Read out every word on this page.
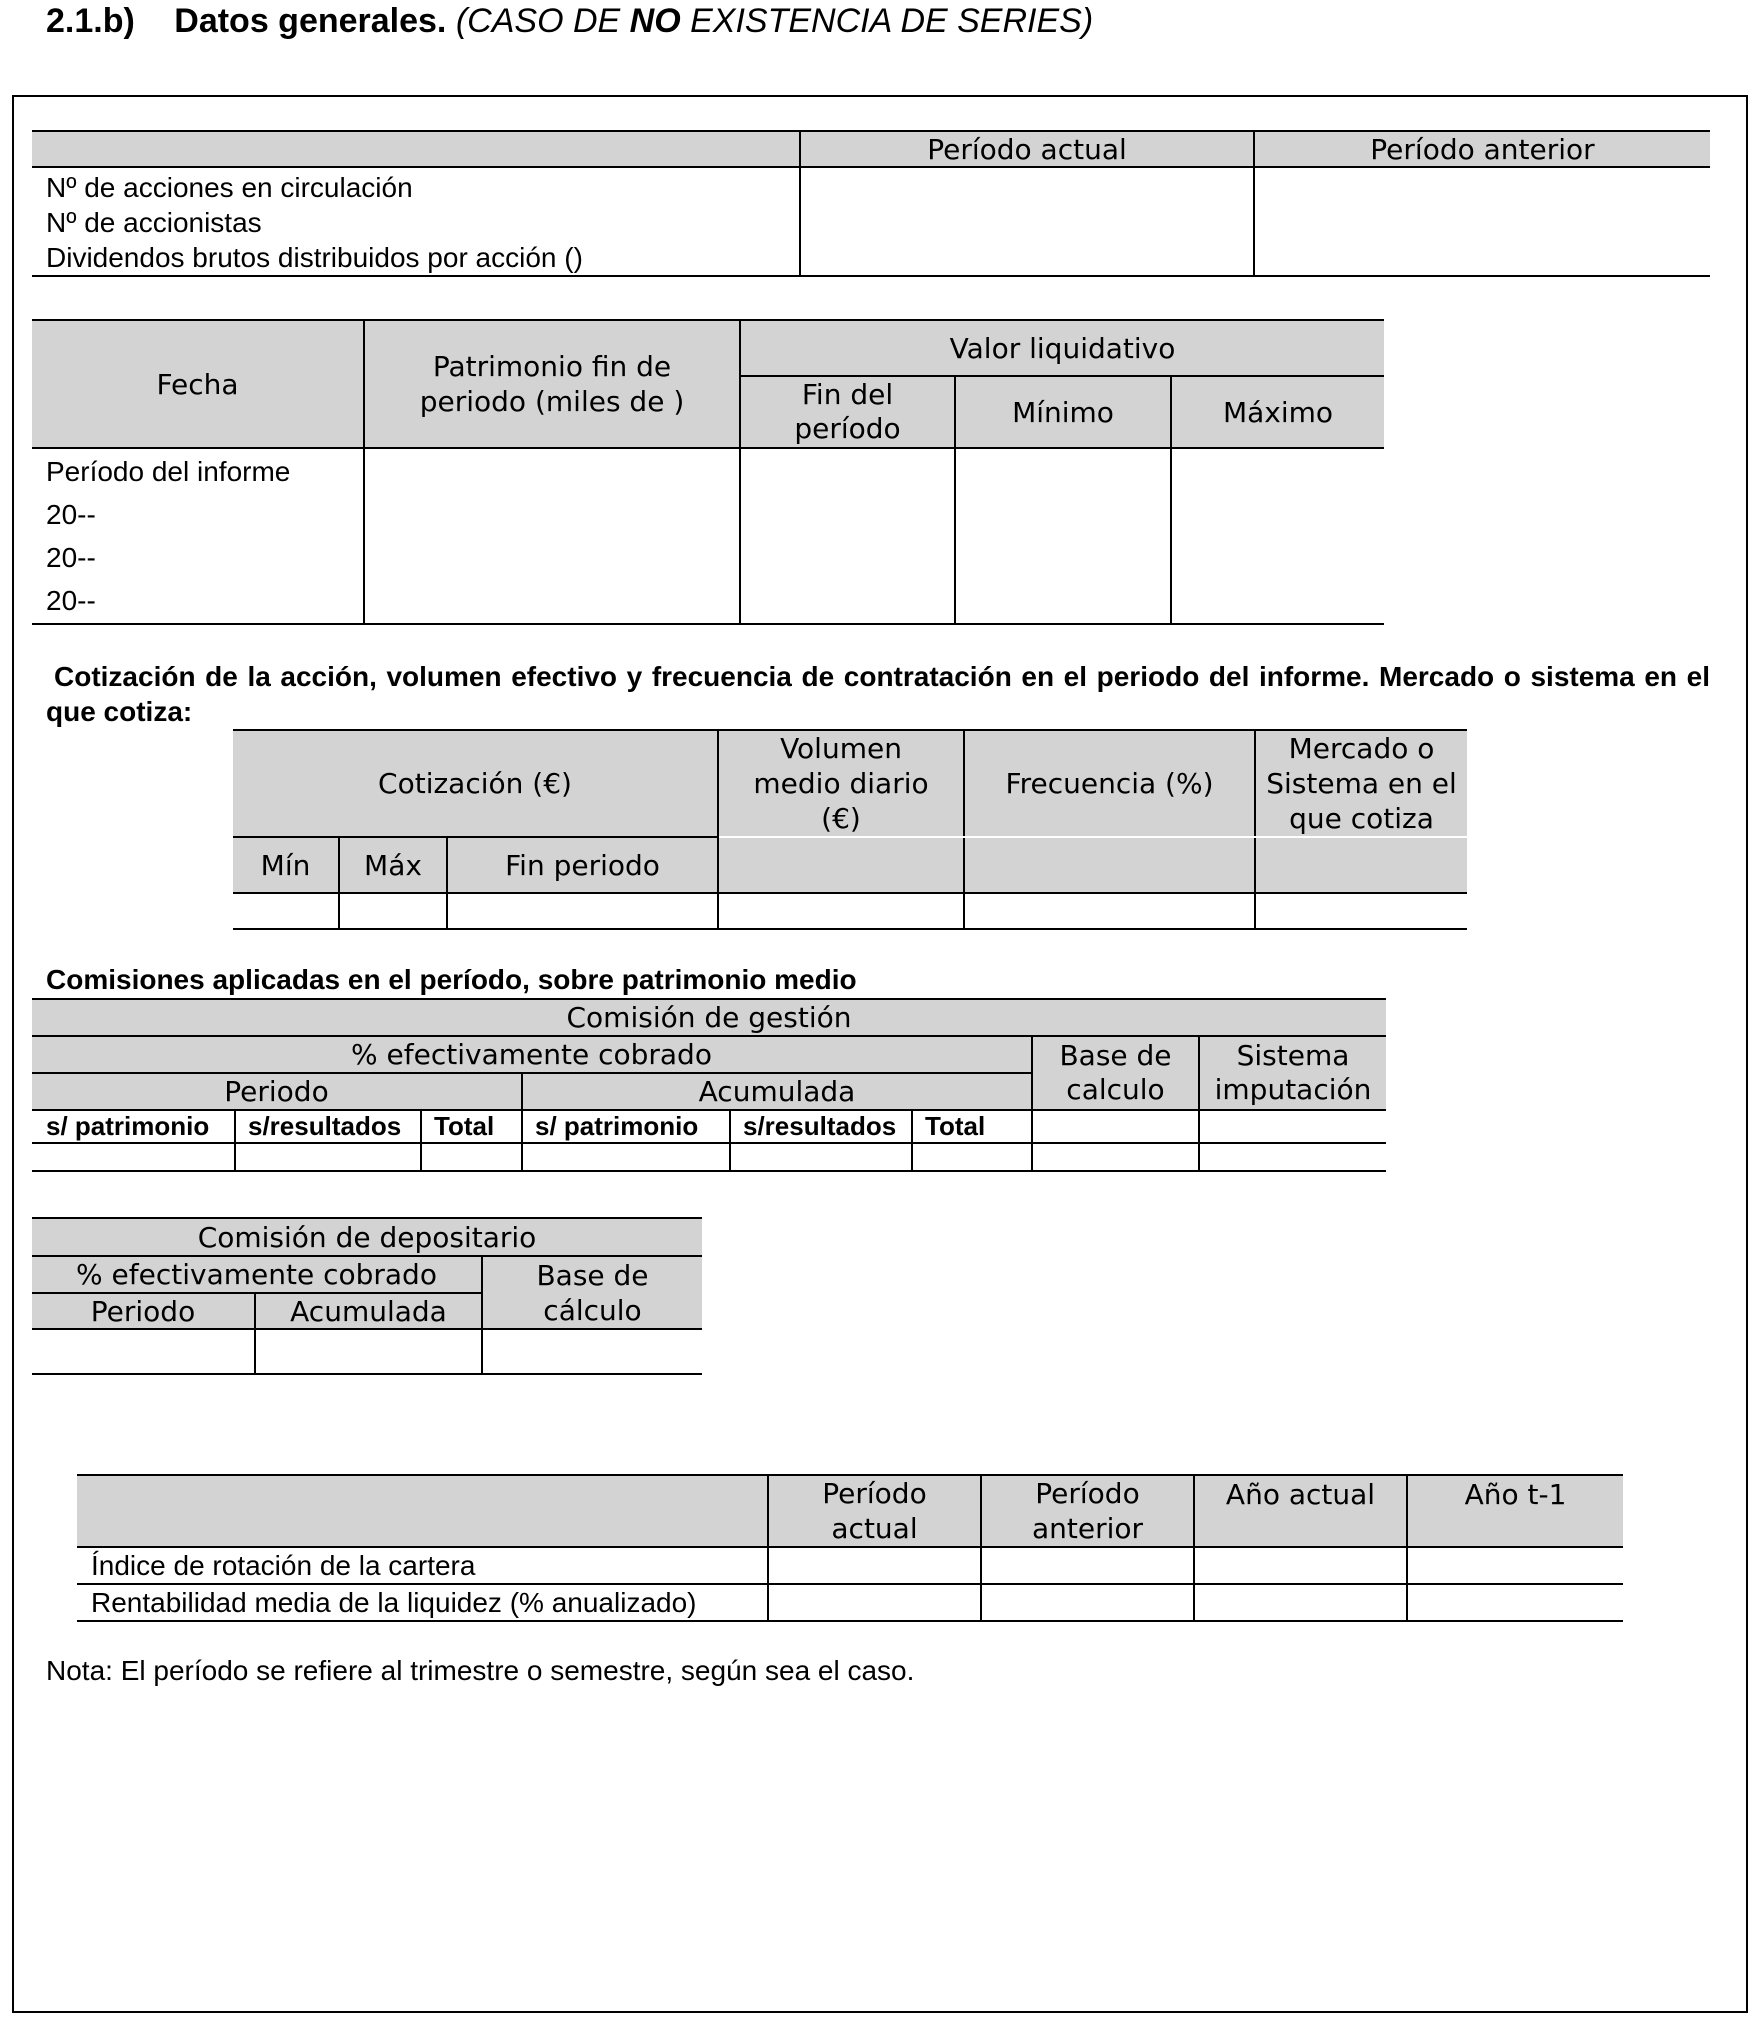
2.1.b) Datos generales. (CASO DE NO EXISTENCIA DE SERIES)
	Período actual	Período anterior

Nº de acciones en circulación
Nº de accionistas
Dividendos brutos distribuidos por acción ()		

Fecha	Patrimonio fin de periodo (miles de )	Valor liquidativo		
		Fin del período	Mínimo	Máximo

Período del informe
20--
20--
20--				

Cotización de la acción, volumen efectivo y frecuencia de contratación en el periodo del informe. Mercado o sistema en el que cotiza:
Cotización (€)			Volumen medio diario (€)	Frecuencia (%)	Mercado o Sistema en el que cotiza
Mín	Máx	Fin periodo			

Comisiones aplicadas en el período, sobre patrimonio medio
Comisión de gestión							
% efectivamente cobrado						Base de calculo	Sistema imputación
Periodo			Acumulada				
s/ patrimonio	s/resultados	Total	s/ patrimonio	s/resultados	Total		

Comisión de depositario		
% efectivamente cobrado		Base de cálculo
Periodo	Acumulada	

	Período actual	Período anterior	Año actual	Año t-1
Índice de rotación de la cartera				
Rentabilidad media de la liquidez (% anualizado)				
Nota: El período se refiere al trimestre o semestre, según sea el caso.
